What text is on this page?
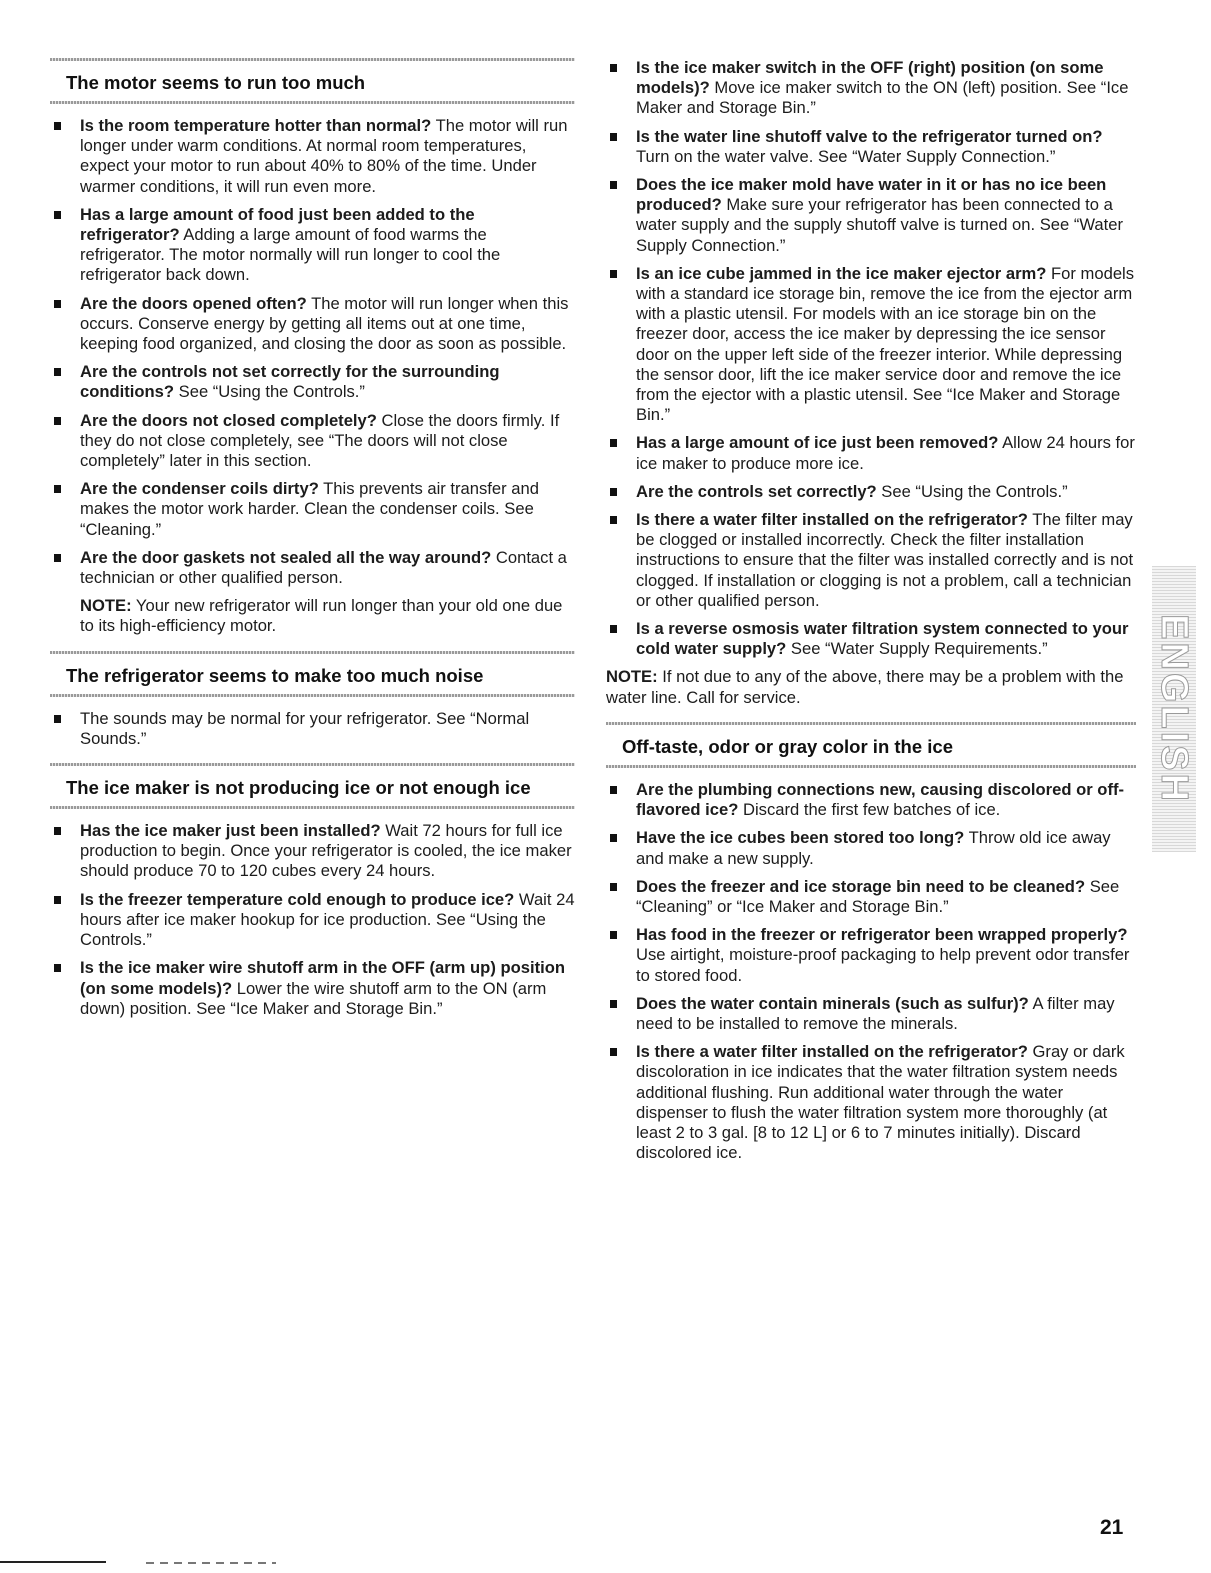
The motor seems to run too much
Is the room temperature hotter than normal? The motor will run longer under warm conditions. At normal room temperatures, expect your motor to run about 40% to 80% of the time. Under warmer conditions, it will run even more.
Has a large amount of food just been added to the refrigerator? Adding a large amount of food warms the refrigerator. The motor normally will run longer to cool the refrigerator back down.
Are the doors opened often? The motor will run longer when this occurs. Conserve energy by getting all items out at one time, keeping food organized, and closing the door as soon as possible.
Are the controls not set correctly for the surrounding conditions? See “Using the Controls.”
Are the doors not closed completely? Close the doors firmly. If they do not close completely, see “The doors will not close completely” later in this section.
Are the condenser coils dirty? This prevents air transfer and makes the motor work harder. Clean the condenser coils. See “Cleaning.”
Are the door gaskets not sealed all the way around? Contact a technician or other qualified person.

NOTE: Your new refrigerator will run longer than your old one due to its high-efficiency motor.

The refrigerator seems to make too much noise
The sounds may be normal for your refrigerator. See “Normal Sounds.”
The ice maker is not producing ice or not enough ice
Has the ice maker just been installed? Wait 72 hours for full ice production to begin. Once your refrigerator is cooled, the ice maker should produce 70 to 120 cubes every 24 hours.
Is the freezer temperature cold enough to produce ice? Wait 24 hours after ice maker hookup for ice production. See “Using the Controls.”
Is the ice maker wire shutoff arm in the OFF (arm up) position (on some models)? Lower the wire shutoff arm to the ON (arm down) position. See “Ice Maker and Storage Bin.”
Is the ice maker switch in the OFF (right) position (on some models)? Move ice maker switch to the ON (left) position. See “Ice Maker and Storage Bin.”
Is the water line shutoff valve to the refrigerator turned on? Turn on the water valve. See “Water Supply Connection.”
Does the ice maker mold have water in it or has no ice been produced? Make sure your refrigerator has been connected to a water supply and the supply shutoff valve is turned on. See “Water Supply Connection.”
Is an ice cube jammed in the ice maker ejector arm? For models with a standard ice storage bin, remove the ice from the ejector arm with a plastic utensil. For models with an ice storage bin on the freezer door, access the ice maker by depressing the ice sensor door on the upper left side of the freezer interior. While depressing the sensor door, lift the ice maker service door and remove the ice from the ejector with a plastic utensil. See “Ice Maker and Storage Bin.”
Has a large amount of ice just been removed? Allow 24 hours for ice maker to produce more ice.
Are the controls set correctly? See “Using the Controls.”
Is there a water filter installed on the refrigerator? The filter may be clogged or installed incorrectly. Check the filter installation instructions to ensure that the filter was installed correctly and is not clogged. If installation or clogging is not a problem, call a technician or other qualified person.
Is a reverse osmosis water filtration system connected to your cold water supply? See “Water Supply Requirements.”

NOTE: If not due to any of the above, there may be a problem with the water line. Call for service.

Off-taste, odor or gray color in the ice
Are the plumbing connections new, causing discolored or off-flavored ice? Discard the first few batches of ice.
Have the ice cubes been stored too long? Throw old ice away and make a new supply.
Does the freezer and ice storage bin need to be cleaned? See “Cleaning” or “Ice Maker and Storage Bin.”
Has food in the freezer or refrigerator been wrapped properly? Use airtight, moisture-proof packaging to help prevent odor transfer to stored food.
Does the water contain minerals (such as sulfur)? A filter may need to be installed to remove the minerals.
Is there a water filter installed on the refrigerator? Gray or dark discoloration in ice indicates that the water filtration system needs additional flushing. Run additional water through the water dispenser to flush the water filtration system more thoroughly (at least 2 to 3 gal. [8 to 12 L] or 6 to 7 minutes initially). Discard discolored ice.
ENGLISH
21
